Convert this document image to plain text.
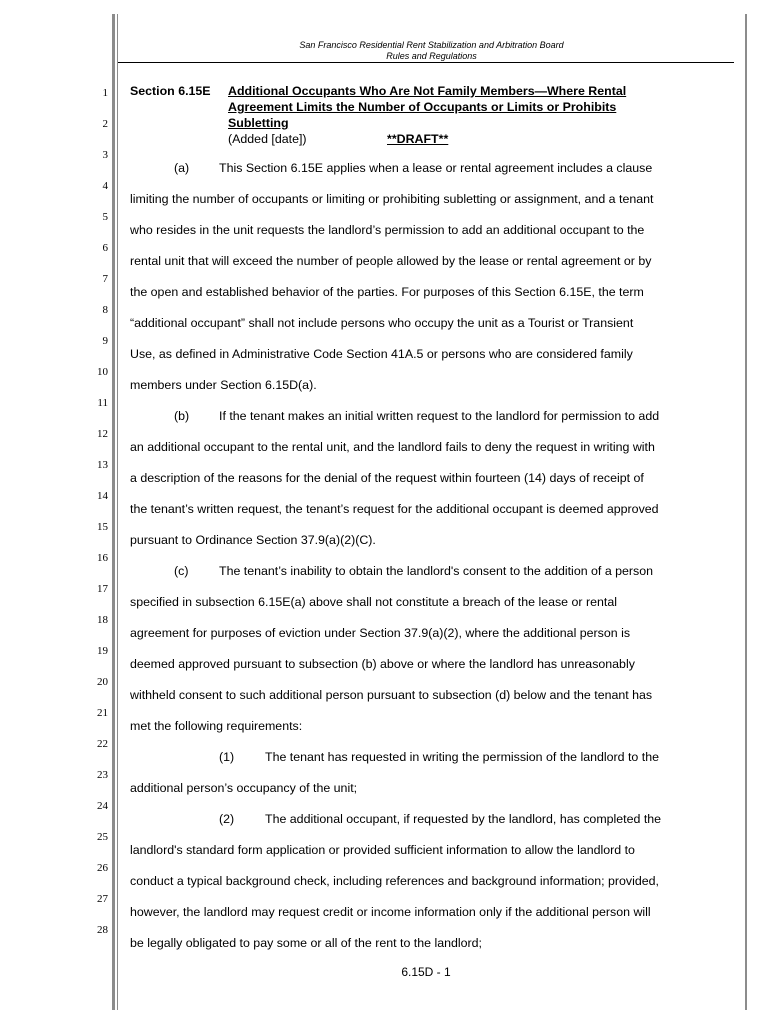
San Francisco Residential Rent Stabilization and Arbitration Board
Rules and Regulations
1
2
3
4
5
6
7
8
9
10
11
12
13
14
15
16
17
18
19
20
21
22
23
24
25
26
27
28
Section 6.15E Additional Occupants Who Are Not Family Members—Where Rental
Agreement Limits the Number of Occupants or Limits or Prohibits
Subletting
(Added [date])	**DRAFT**
(a) This Section 6.15E applies when a lease or rental agreement includes a clause
limiting the number of occupants or limiting or prohibiting subletting or assignment, and a tenant
who resides in the unit requests the landlord’s permission to add an additional occupant to the
rental unit that will exceed the number of people allowed by the lease or rental agreement or by
the open and established behavior of the parties. For purposes of this Section 6.15E, the term
“additional occupant” shall not include persons who occupy the unit as a Tourist or Transient
Use, as defined in Administrative Code Section 41A.5 or persons who are considered family
members under Section 6.15D(a).
(b) If the tenant makes an initial written request to the landlord for permission to add
an additional occupant to the rental unit, and the landlord fails to deny the request in writing with
a description of the reasons for the denial of the request within fourteen (14) days of receipt of
the tenant’s written request, the tenant’s request for the additional occupant is deemed approved
pursuant to Ordinance Section 37.9(a)(2)(C).
(c) The tenant’s inability to obtain the landlord's consent to the addition of a person
specified in subsection 6.15E(a) above shall not constitute a breach of the lease or rental
agreement for purposes of eviction under Section 37.9(a)(2), where the additional person is
deemed approved pursuant to subsection (b) above or where the landlord has unreasonably
withheld consent to such additional person pursuant to subsection (d) below and the tenant has
met the following requirements:
(1) The tenant has requested in writing the permission of the landlord to the
additional person’s occupancy of the unit;
(2) The additional occupant, if requested by the landlord, has completed the
landlord's standard form application or provided sufficient information to allow the landlord to
conduct a typical background check, including references and background information; provided,
however, the landlord may request credit or income information only if the additional person will
be legally obligated to pay some or all of the rent to the landlord;
6.15D - 1
